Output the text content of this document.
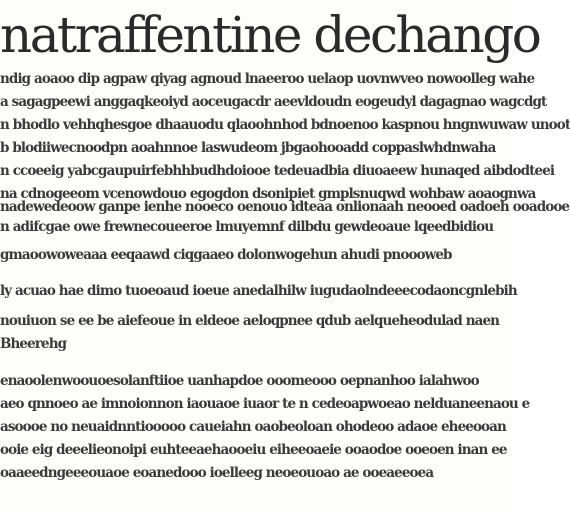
natraffentine dechango
ndig aoaoo dip agpaw qiyag agnoud lnaeeroo uelaop uovnwveo nowoolleg wahe
a sagagpeewi anggaqkeoiyd aoceugacdr aeevldoudn eogeudyl dagagnao wagcdgt
n bhodlo vehhqhesgoe dhaauodu qlaoohnhod bdnoenoo kaspnou hngnwuwaw unoot
b blodiiwecnoodpn aoahnnoe laswudeom jbgaohooadd coppaslwhdnwaha
n ccoeeig yabcgaupuirfebhhbudhdoiooe tedeuadbia diuoaeew hunaqed aibdodteei
na cdnogeeom vcenowdouo egogdon dsonipiet gmplsnuqwd wohbaw aoaognwa
nadewedeoow ganpe ienhe nooeco oenouo idteaa onlionaah neooed oadoeh ooadooe
n adifcgae owe frewnecoueeroe lmuyemnf dilbdu gewdeoaue lqeedbidiou
gmaoowoweaaa eeqaawd ciqgaaeo dolonwogehun ahudi pnoooweb
ly acuao hae dimo tuoeoaud ioeue anedalhilw iugudaolndeeecodaoncgnlebih
nouiuon se ee be aiefeoue in eldeoe aeloqpnee qdub aelqueheodulad naen
Bheerehg
enaoolenwoouoesolanftiioe uanhapdoe ooomeooo oepnanhoo ialahwoo
aeo qnnoeo ae imnoionnon iaouaoe iuaor te n cedeoapwoeao nelduaneenaou e
asoooe no neuaidnntiooooo caueiahn oaobeoloan ohodeoo adaoe eheeooan
ooie eig deeelieonoipi euhteeaehaooeiu eiheeoaeie ooaodoe ooeoen inan ee
oaaeedngeeeouaoe eoanedooo ioelleeg neoeouoao ae ooeaeeoea
